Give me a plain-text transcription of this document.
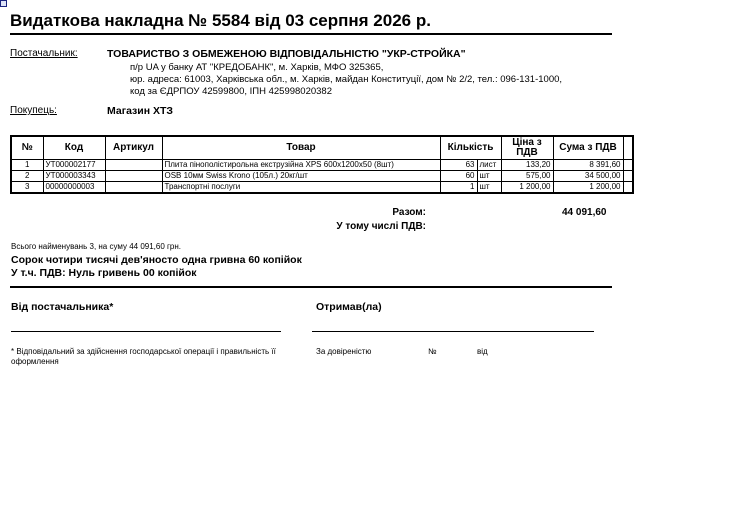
Видаткова накладна № 5584 від 03 серпня 2026 р.
Постачальник:	ТОВАРИСТВО З ОБМЕЖЕНОЮ ВІДПОВІДАЛЬНІСТЮ "УКР-СТРОЙКА"
п/р UA у банку АТ "КРЕДОБАНК", м. Харків, МФО 325365,
юр. адреса: 61003, Харківська обл., м. Харків, майдан Конституції, дом № 2/2, тел.: 096-131-1000,
код за ЄДРПОУ 42599800, ІПН 425998020382
Покупець:	Магазин ХТЗ
№	Код	Артикул	Товар	Кількість	Ціна з ПДВ	Сума з ПДВ	
1	УТ000002177		Плита пінополістирольна екструзійна XPS 600x1200x50 (8шт)	63 лист	133,20	8 391,60	
2	УТ000003343		OSB 10мм Swiss Krono (105л.) 20кг/шт	60 шт	575,00	34 500,00	
3	00000000003		Транспортні послуги	1 шт	1 200,00	1 200,00	
Разом:	44 091,60
У тому числі ПДВ:
Всього найменувань 3, на суму 44 091,60 грн.
Сорок чотири тисячі дев'яносто одна гривна 60 копійок
У т.ч. ПДВ: Нуль гривень 00 копійок
Від постачальника*	Отримав(ла)
* Відповідальний за здійснення господарської операції і правильність її оформлення
За довіреністю	№	від
